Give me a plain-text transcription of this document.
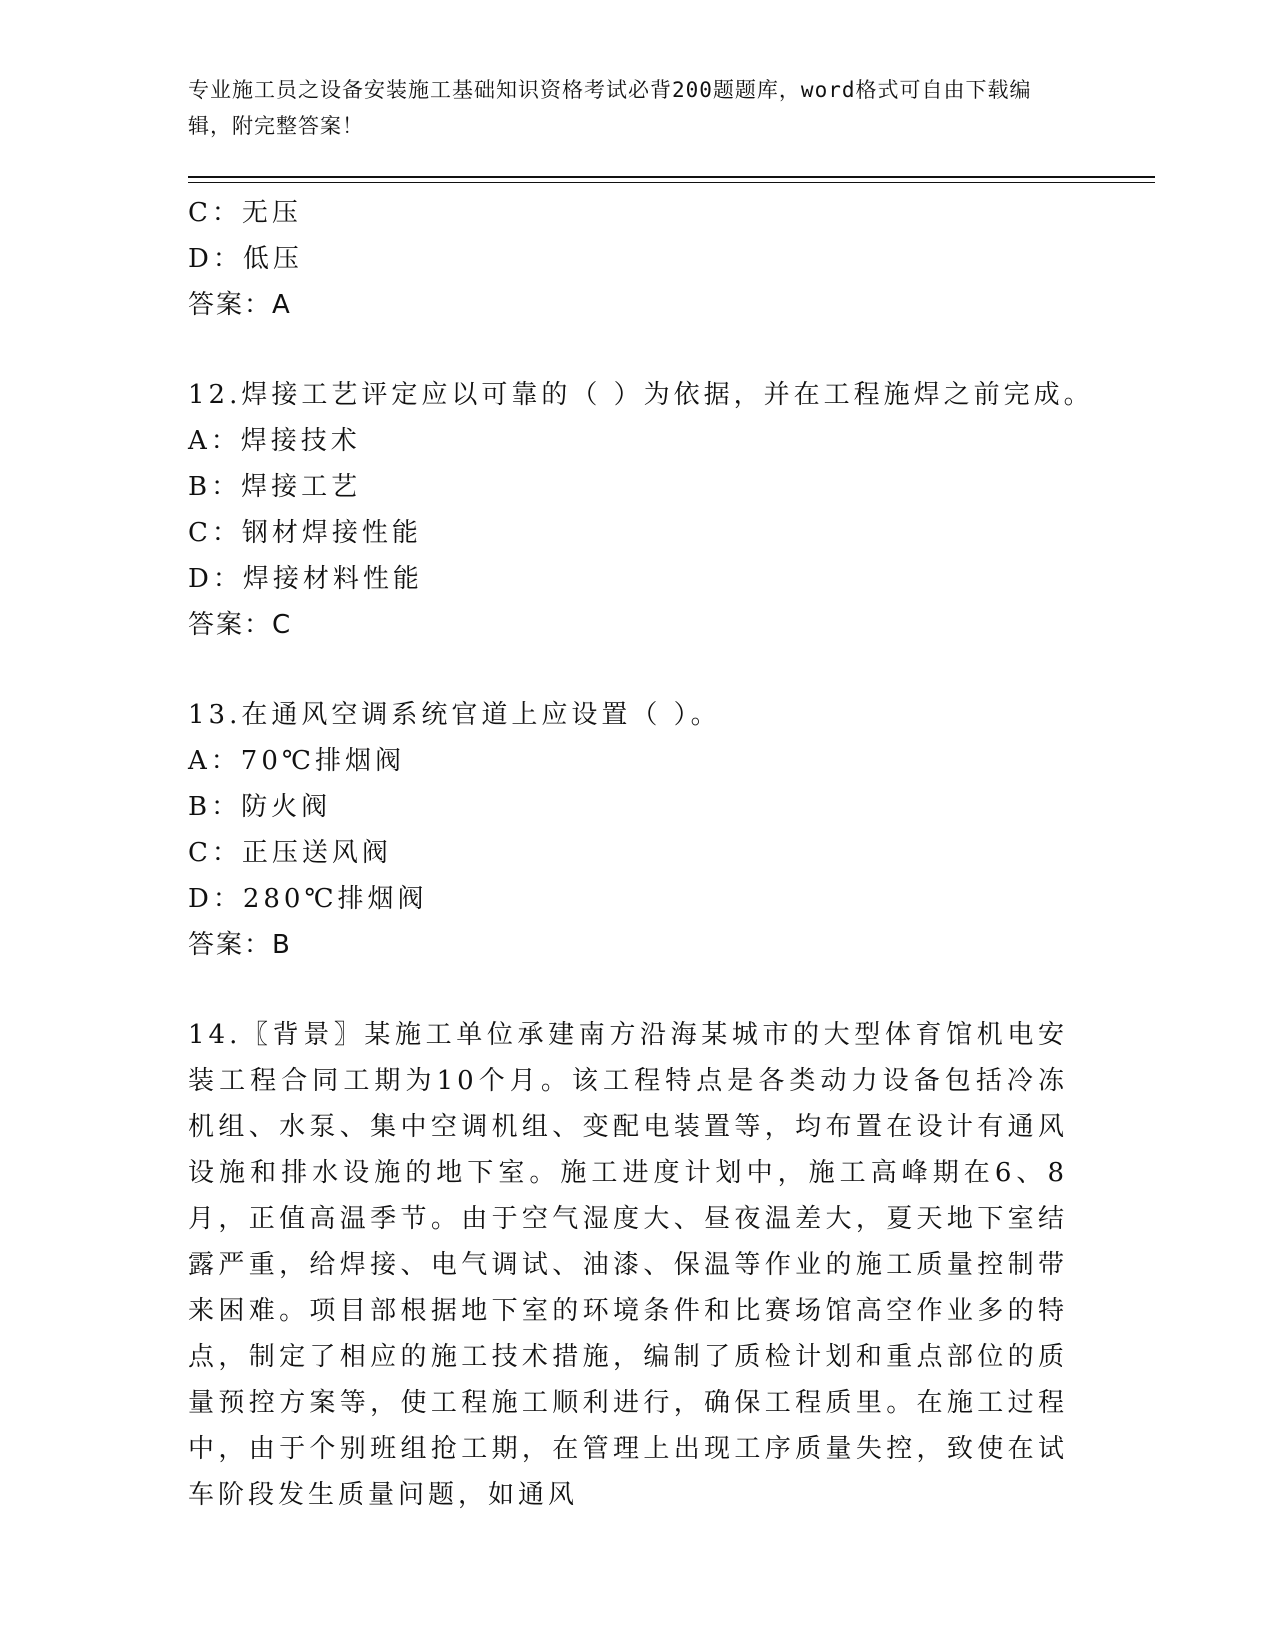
专业施工员之设备安装施工基础知识资格考试必背200题题库，word格式可自由下载编辑，附完整答案！
C：无压
D：低压
答案：A
12.焊接工艺评定应以可靠的（ ）为依据，并在工程施焊之前完成。
A：焊接技术
B：焊接工艺
C：钢材焊接性能
D：焊接材料性能
答案：C
13.在通风空调系统官道上应设置（ ）。
A：70℃排烟阀
B：防火阀
C：正压送风阀
D：280℃排烟阀
答案：B
14.〖背景〗某施工单位承建南方沿海某城市的大型体育馆机电安装工程合同工期为10个月。该工程特点是各类动力设备包括冷冻机组、水泵、集中空调机组、变配电装置等，均布置在设计有通风设施和排水设施的地下室。施工进度计划中，施工高峰期在6、8月，正值高温季节。由于空气湿度大、昼夜温差大，夏天地下室结露严重，给焊接、电气调试、油漆、保温等作业的施工质量控制带来困难。项目部根据地下室的环境条件和比赛场馆高空作业多的特点，制定了相应的施工技术措施，编制了质检计划和重点部位的质量预控方案等，使工程施工顺利进行，确保工程质里。在施工过程中，由于个别班组抢工期，在管理上出现工序质量失控，致使在试车阶段发生质量问题，如通风
